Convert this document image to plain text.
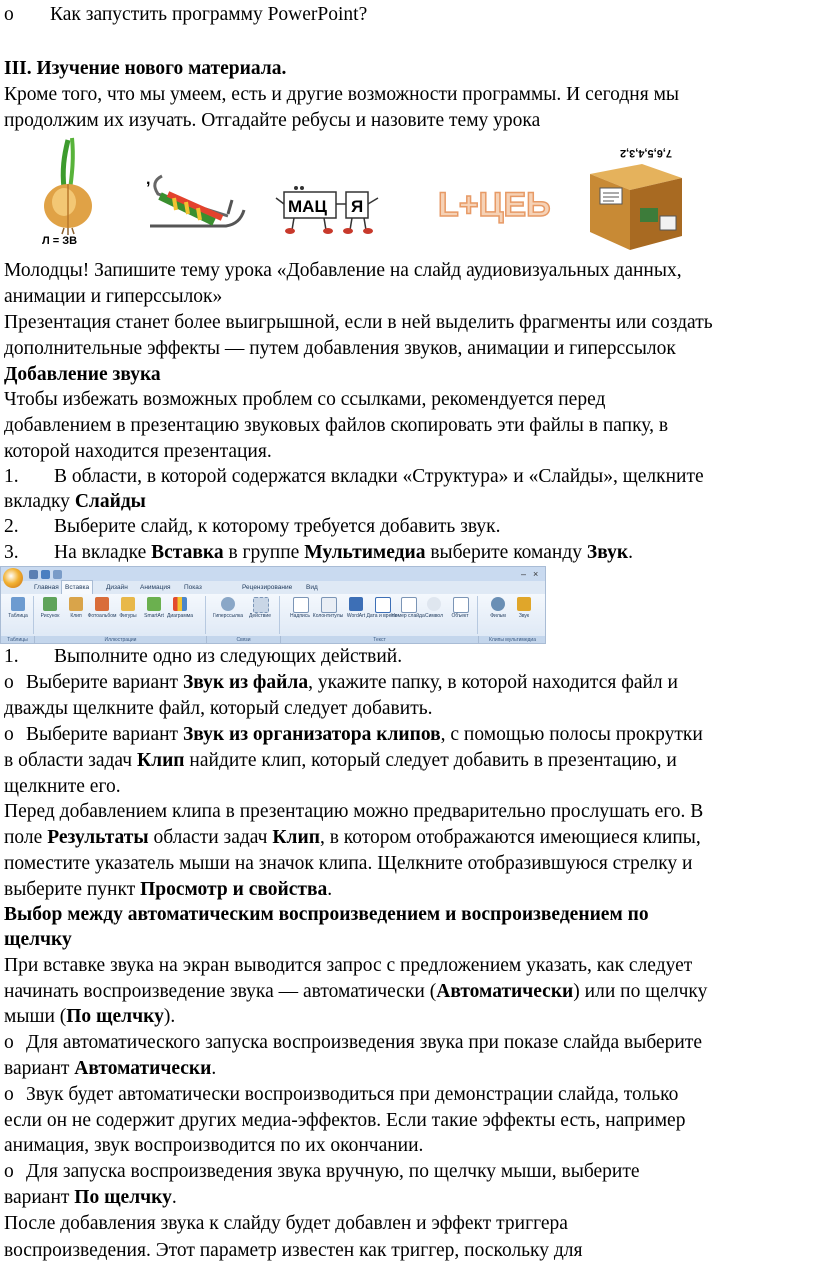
o Как запустить программу PowerPoint?
III. Изучение нового материала.
Кроме того, что мы умеем, есть и другие возможности программы. И сегодня мы
продолжим их изучать. Отгадайте ребусы и назовите тему урока
Л = ЗВ
,
МАЦ Я L+ЦЕЬ
7,6,5,4,3,2
Молодцы! Запишите тему урока «Добавление на слайд аудиовизуальных данных,
анимации и гиперссылок»
Презентация станет более выигрышной, если в ней выделить фрагменты или создать
дополнительные эффекты — путем добавления звуков, анимации и гиперссылок
Добавление звука
Чтобы избежать возможных проблем со ссылками, рекомендуется перед
добавлением в презентацию звуковых файлов скопировать эти файлы в папку, в
которой находится презентация.
1. В области, в которой содержатся вкладки «Структура» и «Слайды», щелкните
вкладку Слайды
2. Выберите слайд, к которому требуется добавить звук.
3. На вкладке Вставка в группе Мультимедиа выберите команду Звук.
– ×
Главная Вставка	Дизайн	Анимация	Показ	Рецензирование	Вид
Таблица	Рисунок	Клип	Фотоальбом Фигуры	SmartArt Диаграмма	Гиперссылка	Действие	Надпись Колонтитулы WordArt Дата и время
Номер слайда Символ	Объект	Фильм	Звук
Таблицы	Иллюстрации	Связи	Текст	Клипы мультимедиа
1. Выполните одно из следующих действий.
o Выберите вариант Звук из файла, укажите папку, в которой находится файл и
дважды щелкните файл, который следует добавить.
o Выберите вариант Звук из организатора клипов, с помощью полосы прокрутки
в области задач Клип найдите клип, который следует добавить в презентацию, и
щелкните его.
Перед добавлением клипа в презентацию можно предварительно прослушать его. В
поле Результаты области задач Клип, в котором отображаются имеющиеся клипы,
поместите указатель мыши на значок клипа. Щелкните отобразившуюся стрелку и
выберите пункт Просмотр и свойства.
Выбор между автоматическим воспроизведением и воспроизведением по
щелчку
При вставке звука на экран выводится запрос с предложением указать, как следует
начинать воспроизведение звука — автоматически (Автоматически) или по щелчку
мыши (По щелчку).
o Для автоматического запуска воспроизведения звука при показе слайда выберите
вариант Автоматически.
o Звук будет автоматически воспроизводиться при демонстрации слайда, только
если он не содержит других медиа-эффектов. Если такие эффекты есть, например
анимация, звук воспроизводится по их окончании.
o Для запуска воспроизведения звука вручную, по щелчку мыши, выберите
вариант По щелчку.
После добавления звука к слайду будет добавлен и эффект триггера
воспроизведения. Этот параметр известен как триггер, поскольку для
